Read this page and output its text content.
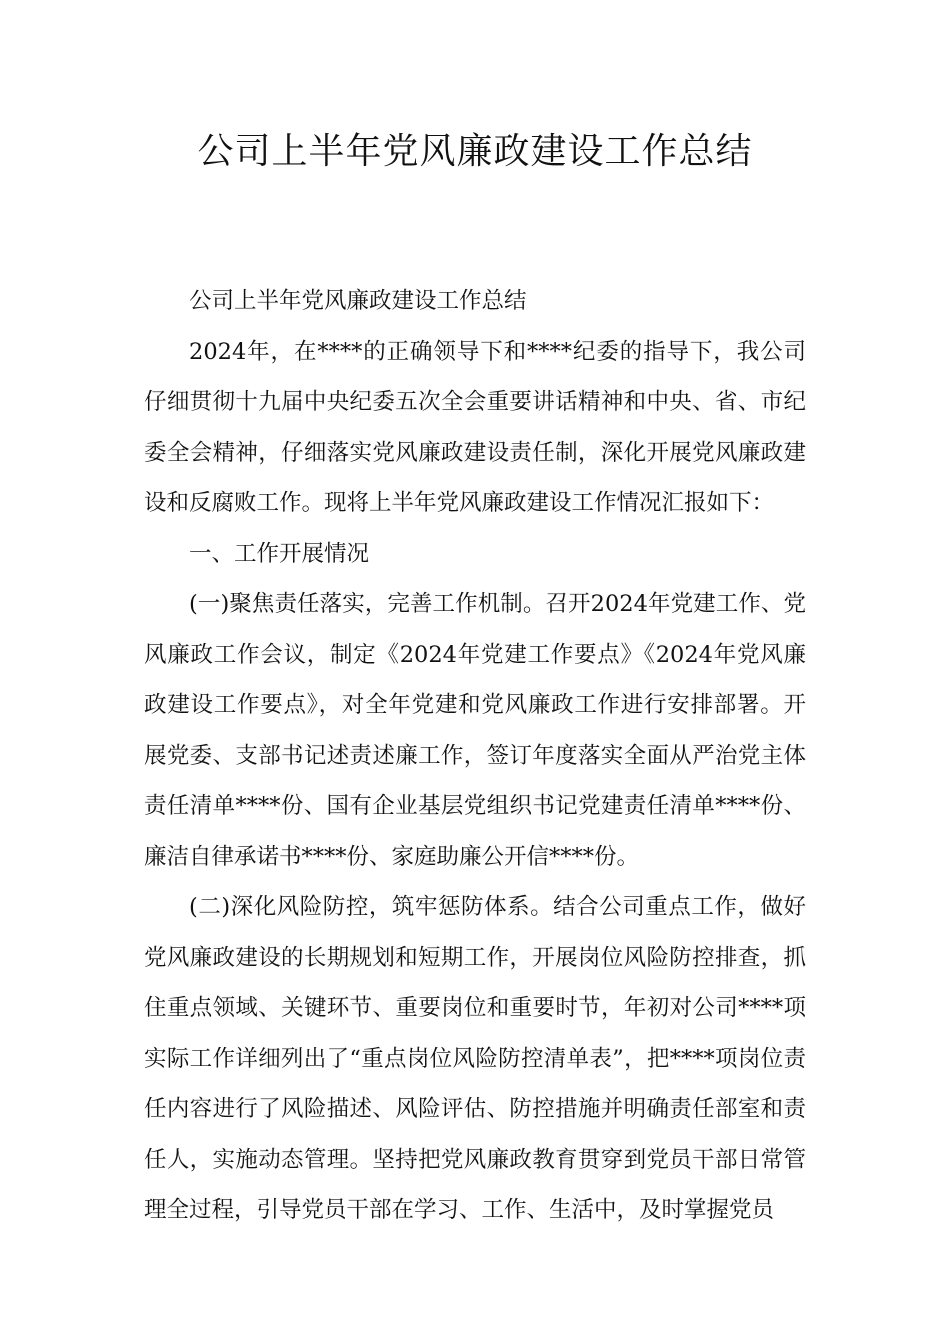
公司上半年党风廉政建设工作总结

公司上半年党风廉政建设工作总结

2024年，在****的正确领导下和****纪委的指导下，我公司仔细贯彻十九届中央纪委五次全会重要讲话精神和中央、省、市纪委全会精神，仔细落实党风廉政建设责任制，深化开展党风廉政建设和反腐败工作。现将上半年党风廉政建设工作情况汇报如下：

一、工作开展情况

(一)聚焦责任落实，完善工作机制。召开2024年党建工作、党风廉政工作会议，制定《2024年党建工作要点》《2024年党风廉政建设工作要点》，对全年党建和党风廉政工作进行安排部署。开展党委、支部书记述责述廉工作，签订年度落实全面从严治党主体责任清单****份、国有企业基层党组织书记党建责任清单****份、廉洁自律承诺书****份、家庭助廉公开信****份。

(二)深化风险防控，筑牢惩防体系。结合公司重点工作，做好党风廉政建设的长期规划和短期工作，开展岗位风险防控排查，抓住重点领域、关键环节、重要岗位和重要时节，年初对公司****项实际工作详细列出了“重点岗位风险防控清单表”，把****项岗位责任内容进行了风险描述、风险评估、防控措施并明确责任部室和责任人，实施动态管理。坚持把党风廉政教育贯穿到党员干部日常管理全过程，引导党员干部在学习、工作、生活中，及时掌握党员
